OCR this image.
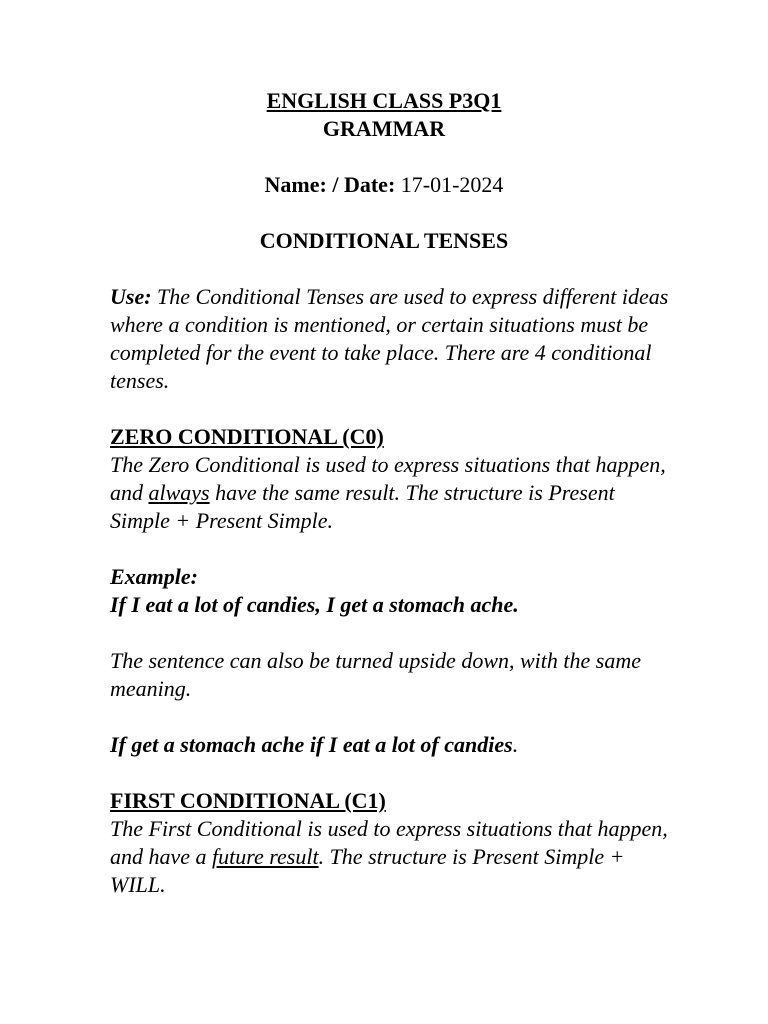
ENGLISH CLASS P3Q1

GRAMMAR

Name: / Date: 17-01-2024

CONDITIONAL TENSES

Use: The Conditional Tenses are used to express different ideas where a condition is mentioned, or certain situations must be completed for the event to take place. There are 4 conditional tenses.

ZERO CONDITIONAL (C0)

The Zero Conditional is used to express situations that happen, and always have the same result. The structure is Present Simple + Present Simple.

Example:

If I eat a lot of candies, I get a stomach ache.

The sentence can also be turned upside down, with the same meaning.

If get a stomach ache if I eat a lot of candies.

FIRST CONDITIONAL (C1)

The First Conditional is used to express situations that happen, and have a future result. The structure is Present Simple + WILL.
